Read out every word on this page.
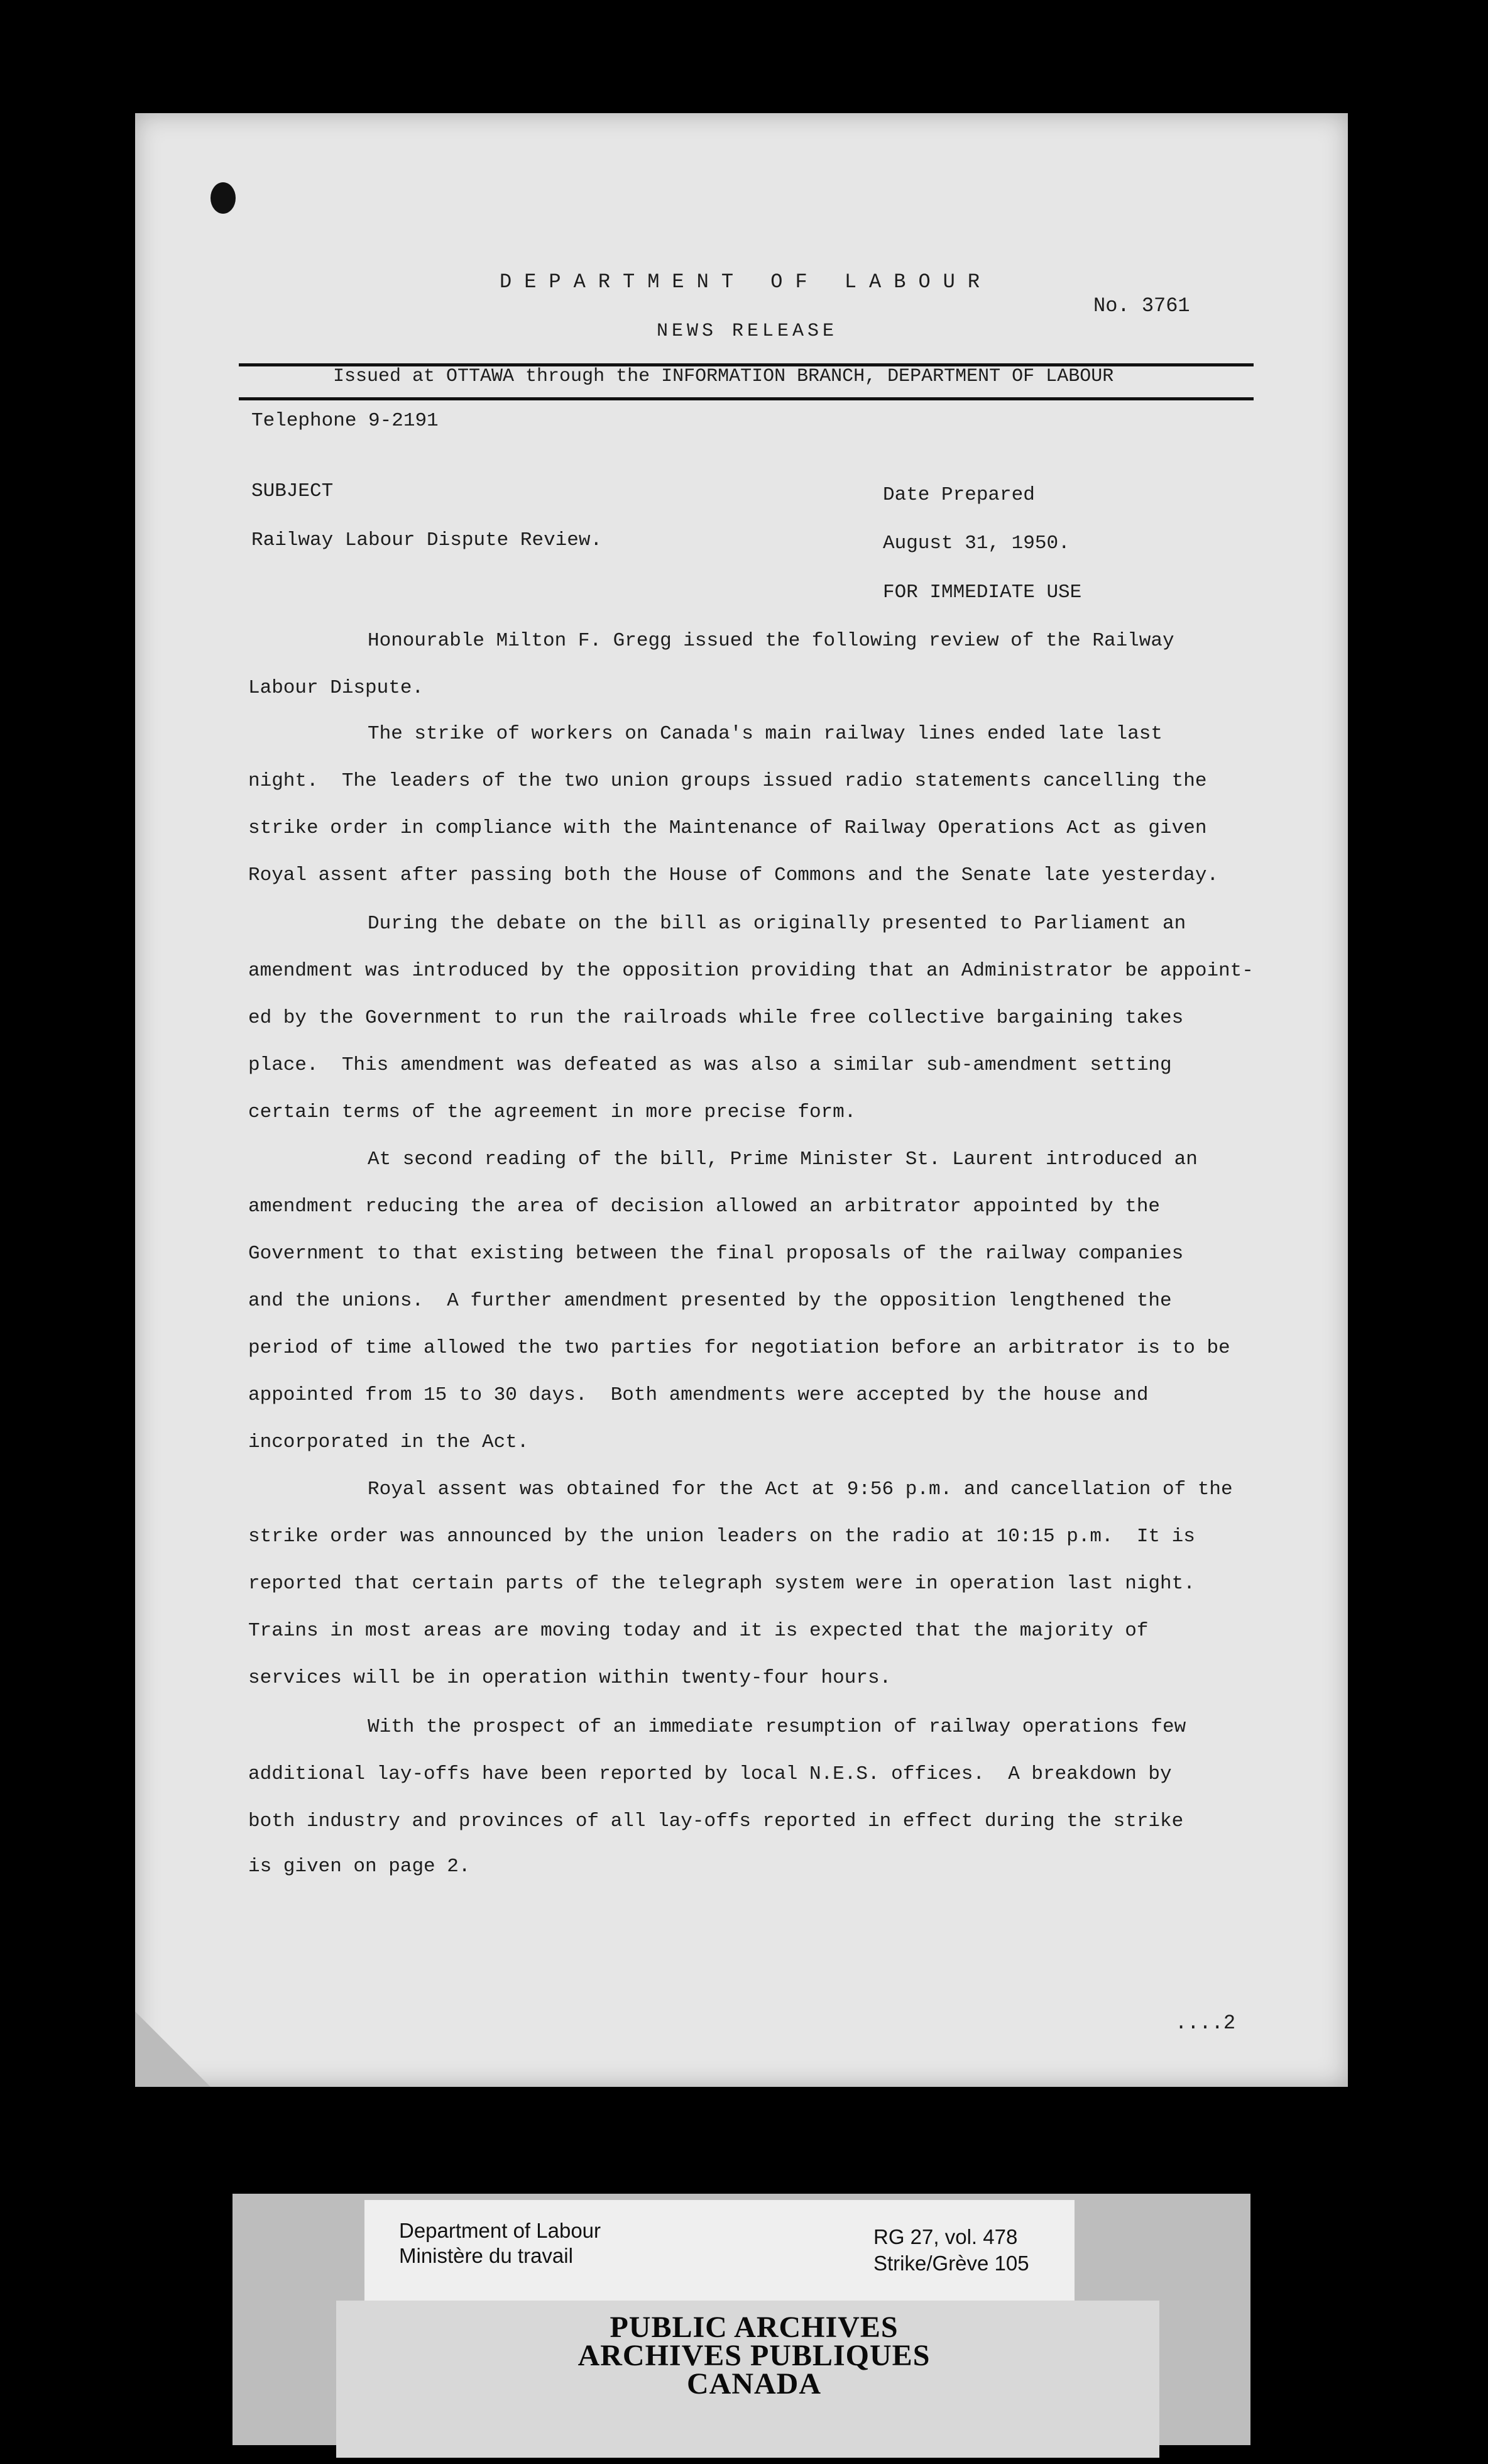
DEPARTMENT OF LABOUR
NEWS RELEASE
No. 3761
Issued at OTTAWA through the INFORMATION BRANCH, DEPARTMENT OF LABOUR
Telephone 9-2191
SUBJECT
Railway Labour Dispute Review.
Date Prepared
August 31, 1950.
FOR IMMEDIATE USE
Honourable Milton F. Gregg issued the following review of the Railway
Labour Dispute.
The strike of workers on Canada's main railway lines ended late last
night.  The leaders of the two union groups issued radio statements cancelling the
strike order in compliance with the Maintenance of Railway Operations Act as given
Royal assent after passing both the House of Commons and the Senate late yesterday.
During the debate on the bill as originally presented to Parliament an
amendment was introduced by the opposition providing that an Administrator be appoint-
ed by the Government to run the railroads while free collective bargaining takes
place.  This amendment was defeated as was also a similar sub-amendment setting
certain terms of the agreement in more precise form.
At second reading of the bill, Prime Minister St. Laurent introduced an
amendment reducing the area of decision allowed an arbitrator appointed by the
Government to that existing between the final proposals of the railway companies
and the unions.  A further amendment presented by the opposition lengthened the
period of time allowed the two parties for negotiation before an arbitrator is to be
appointed from 15 to 30 days.  Both amendments were accepted by the house and
incorporated in the Act.
Royal assent was obtained for the Act at 9:56 p.m. and cancellation of the
strike order was announced by the union leaders on the radio at 10:15 p.m.  It is
reported that certain parts of the telegraph system were in operation last night.
Trains in most areas are moving today and it is expected that the majority of
services will be in operation within twenty-four hours.
With the prospect of an immediate resumption of railway operations few
additional lay-offs have been reported by local N.E.S. offices.  A breakdown by
both industry and provinces of all lay-offs reported in effect during the strike
is given on page 2.
....2
Department of Labour
Ministère du travail
RG 27, vol. 478
Strike/Grève 105
PUBLIC ARCHIVES
ARCHIVES PUBLIQUES
CANADA
